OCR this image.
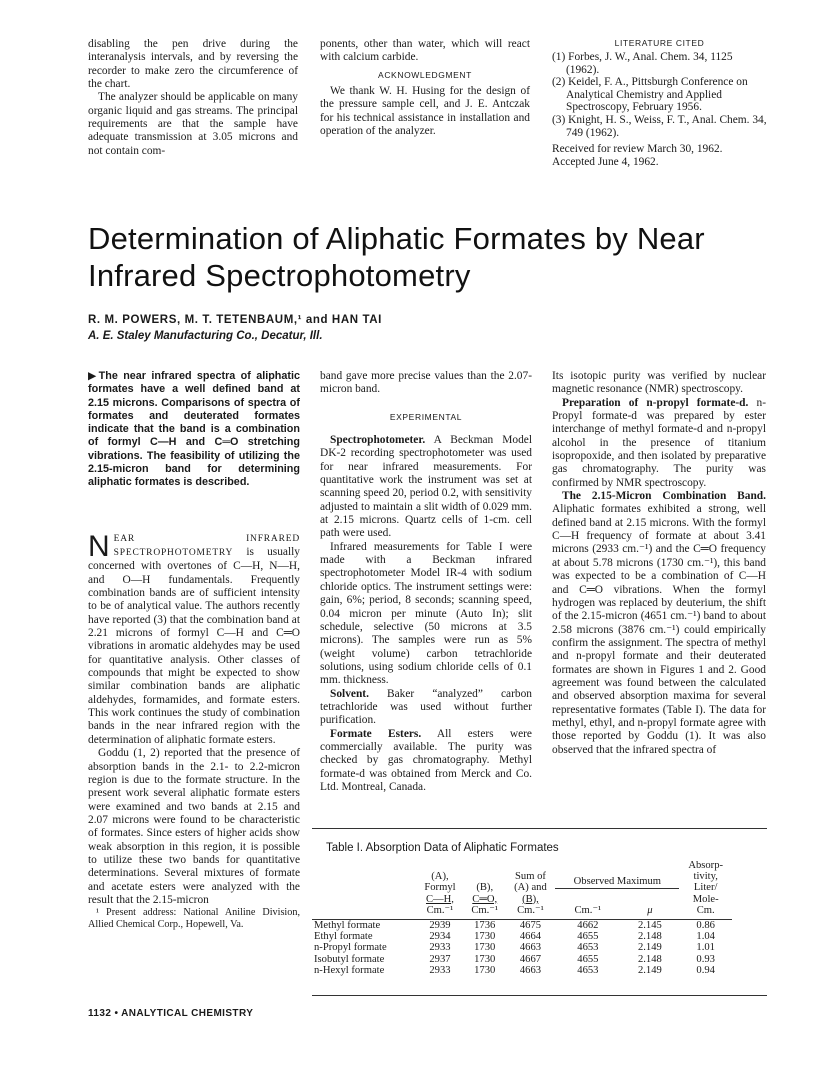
disabling the pen drive during the interanalysis intervals, and by reversing the recorder to make zero the circumference of the chart.

The analyzer should be applicable on many organic liquid and gas streams. The principal requirements are that the sample have adequate transmission at 3.05 microns and not contain com-

ponents, other than water, which will react with calcium carbide.

ACKNOWLEDGMENT

We thank W. H. Husing for the design of the pressure sample cell, and J. E. Antczak for his technical assistance in installation and operation of the analyzer.

LITERATURE CITED

(1) Forbes, J. W., Anal. Chem. 34, 1125 (1962).

(2) Keidel, F. A., Pittsburgh Conference on Analytical Chemistry and Applied Spectroscopy, February 1956.

(3) Knight, H. S., Weiss, F. T., Anal. Chem. 34, 749 (1962).

Received for review March 30, 1962. Accepted June 4, 1962.
Determination of Aliphatic Formates by Near Infrared Spectrophotometry
R. M. POWERS, M. T. TETENBAUM,¹ and HAN TAI
A. E. Staley Manufacturing Co., Decatur, Ill.

▶The near infrared spectra of aliphatic formates have a well defined band at 2.15 microns. Comparisons of spectra of formates and deuterated formates indicate that the band is a combination of formyl C—H and C═O stretching vibrations. The feasibility of utilizing the 2.15-micron band for determining aliphatic formates is described.

NEAR INFRARED SPECTROPHOTOMETRY is usually concerned with overtones of C—H, N—H, and O—H fundamentals. Frequently combination bands are of sufficient intensity to be of analytical value. The authors recently have reported (3) that the combination band at 2.21 microns of formyl C—H and C═O vibrations in aromatic aldehydes may be used for quantitative analysis. Other classes of compounds that might be expected to show similar combination bands are aliphatic aldehydes, formamides, and formate esters. This work continues the study of combination bands in the near infrared region with the determination of aliphatic formate esters.

Goddu (1, 2) reported that the presence of absorption bands in the 2.1- to 2.2-micron region is due to the formate structure. In the present work several aliphatic formate esters were examined and two bands at 2.15 and 2.07 microns were found to be characteristic of formates. Since esters of higher acids show weak absorption in this region, it is possible to utilize these two bands for quantitative determinations. Several mixtures of formate and acetate esters were analyzed with the result that the 2.15-micron

¹ Present address: National Aniline Division, Allied Chemical Corp., Hopewell, Va.

band gave more precise values than the 2.07-micron band.

EXPERIMENTAL

Spectrophotometer. A Beckman Model DK-2 recording spectrophotometer was used for near infrared measurements. For quantitative work the instrument was set at scanning speed 20, period 0.2, with sensitivity adjusted to maintain a slit width of 0.029 mm. at 2.15 microns. Quartz cells of 1-cm. cell path were used.

Infrared measurements for Table I were made with a Beckman infrared spectrophotometer Model IR-4 with sodium chloride optics. The instrument settings were: gain, 6%; period, 8 seconds; scanning speed, 0.04 micron per minute (Auto In); slit schedule, selective (50 microns at 3.5 microns). The samples were run as 5% (weight volume) carbon tetrachloride solutions, using sodium chloride cells of 0.1 mm. thickness.

Solvent. Baker “analyzed” carbon tetrachloride was used without further purification.

Formate Esters. All esters were commercially available. The purity was checked by gas chromatography. Methyl formate-d was obtained from Merck and Co. Ltd. Montreal, Canada.

Its isotopic purity was verified by nuclear magnetic resonance (NMR) spectroscopy.

Preparation of n-propyl formate-d. n-Propyl formate-d was prepared by ester interchange of methyl formate-d and n-propyl alcohol in the presence of titanium isopropoxide, and then isolated by preparative gas chromatography. The purity was confirmed by NMR spectroscopy.

The 2.15-Micron Combination Band. Aliphatic formates exhibited a strong, well defined band at 2.15 microns. With the formyl C—H frequency of formate at about 3.41 microns (2933 cm.⁻¹) and the C═O frequency at about 5.78 microns (1730 cm.⁻¹), this band was expected to be a combination of C—H and C═O vibrations. When the formyl hydrogen was replaced by deuterium, the shift of the 2.15-micron (4651 cm.⁻¹) band to about 2.58 microns (3876 cm.⁻¹) could empirically confirm the assignment. The spectra of methyl and n-propyl formate and their deuterated formates are shown in Figures 1 and 2. Good agreement was found between the calculated and observed absorption maxima for several representative formates (Table I). The data for methyl, ethyl, and n-propyl formate agree with those reported by Goddu (1). It was also observed that the infrared spectra of

Table I. Absorption Data of Aliphatic Formates
	(A),
Formyl
C—H,
Cm.⁻¹	(B),
C═O,
Cm.⁻¹	Sum of
(A) and
(B),
Cm.⁻¹	Observed Maximum		Absorp-
tivity,
Liter/
Mole-
Cm.
				Cm.⁻¹	μ	

Methyl formate	2939	1736	4675	4662	2.145	0.86
Ethyl formate	2934	1730	4664	4655	2.148	1.04
n-Propyl formate	2933	1730	4663	4653	2.149	1.01
Isobutyl formate	2937	1730	4667	4655	2.148	0.93
n-Hexyl formate	2933	1730	4663	4653	2.149	0.94
1132 • ANALYTICAL CHEMISTRY
